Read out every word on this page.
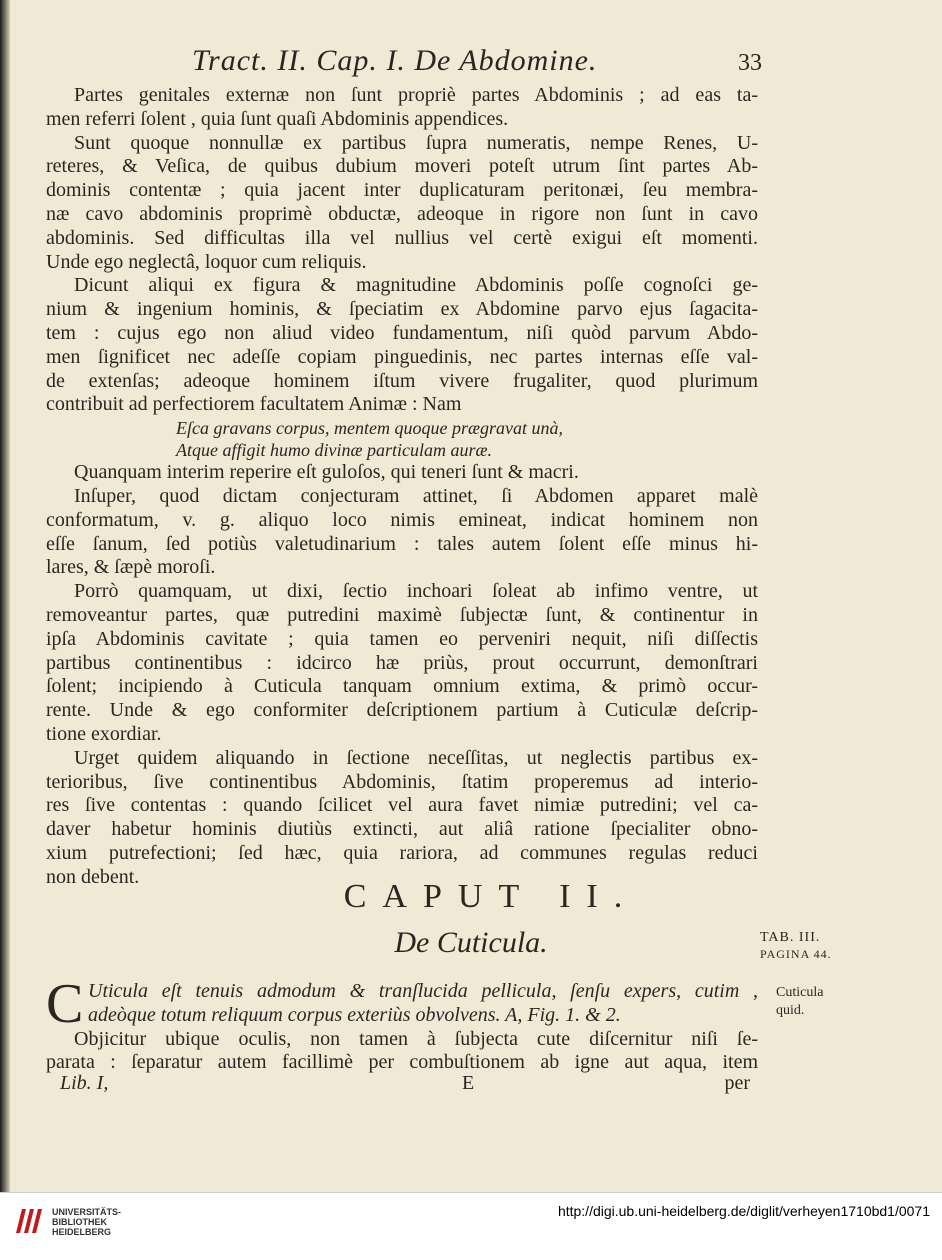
Tract. II. Cap. I. De Abdomine.	33
Partes genitales externæ non ſunt propriè partes Abdominis ; ad eas ta-
men referri ſolent , quia ſunt quaſi Abdominis appendices.
Sunt quoque nonnullæ ex partibus ſupra numeratis, nempe Renes, U-
reteres, & Veſica, de quibus dubium moveri poteſt utrum ſint partes Ab-
dominis contentæ ; quia jacent inter duplicaturam peritonæi, ſeu membra-
næ cavo abdominis proprimè obductæ, adeoque in rigore non ſunt in cavo
abdominis. Sed difficultas illa vel nullius vel certè exigui eſt momenti.
Unde ego neglectâ, loquor cum reliquis.
Dicunt aliqui ex figura & magnitudine Abdominis poſſe cognoſci ge-
nium & ingenium hominis, & ſpeciatim ex Abdomine parvo ejus ſagacita-
tem : cujus ego non aliud video fundamentum, niſi quòd parvum Abdo-
men ſignificet nec adeſſe copiam pinguedinis, nec partes internas eſſe val-
de extenſas; adeoque hominem iſtum vivere frugaliter, quod plurimum
contribuit ad perfectiorem facultatem Animæ : Nam
Eſca gravans corpus, mentem quoque prægravat unà,
Atque affigit humo divinæ particulam auræ.
Quanquam interim reperire eſt guloſos, qui teneri ſunt & macri.
Inſuper, quod dictam conjecturam attinet, ſi Abdomen apparet malè
conformatum, v. g. aliquo loco nimis emineat, indicat hominem non
eſſe ſanum, ſed potiùs valetudinarium : tales autem ſolent eſſe minus hi-
lares, & ſæpè moroſi.
Porrò quamquam, ut dixi, ſectio inchoari ſoleat ab infimo ventre, ut
removeantur partes, quæ putredini maximè ſubjectæ ſunt, & continentur in
ipſa Abdominis cavitate ; quia tamen eo perveniri nequit, niſi diſſectis
partibus continentibus : idcirco hæ priùs, prout occurrunt, demonſtrari
ſolent; incipiendo à Cuticula tanquam omnium extima, & primò occur-
rente. Unde & ego conformiter deſcriptionem partium à Cuticulæ deſcrip-
tione exordiar.
Urget quidem aliquando in ſectione neceſſitas, ut neglectis partibus ex-
terioribus, ſive continentibus Abdominis, ſtatim properemus ad interio-
res ſive contentas : quando ſcilicet vel aura favet nimiæ putredini; vel ca-
daver habetur hominis diutiùs extincti, aut aliâ ratione ſpecialiter obno-
xium putrefectioni; ſed hæc, quia rariora, ad communes regulas reduci
non debent.
CAPUT II.
De Cuticula.	TAB. III.
PAGINA 44.
Cuticula
quid.
C Uticula eſt tenuis admodum & tranſlucida pellicula, ſenſu expers, cutim ,
adeòque totum reliquum corpus exteriùs obvolvens. A, Fig. 1. & 2.
Objicitur ubique oculis, non tamen à ſubjecta cute diſcernitur niſi ſe-
parata : ſeparatur autem facillimè per combuſtionem ab igne aut aqua, item
Lib. I,	E	per
UNIVERSITÄTS-
BIBLIOTHEK
HEIDELBERG
http://digi.ub.uni-heidelberg.de/diglit/verheyen1710bd1/0071
